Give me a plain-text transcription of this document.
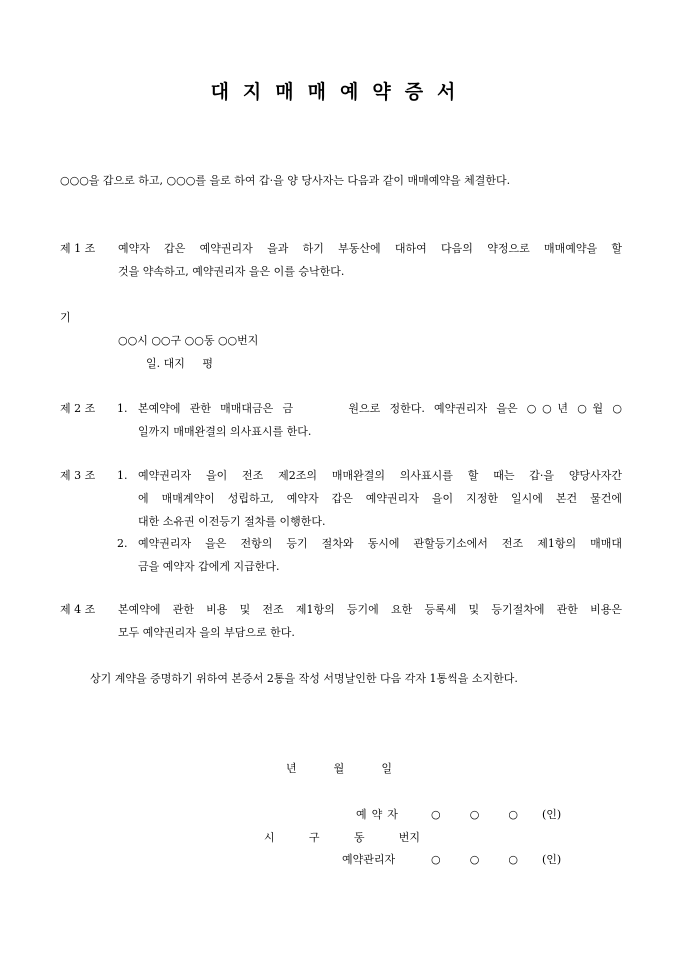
대지매매예약증서
○○○을 갑으로 하고, ○○○를 을로 하여 갑·을 양 당사자는 다음과 같이 매매예약을 체결한다.
제 1 조 예약자 갑은 예약권리자 을과 하기 부동산에 대하여 다음의 약정으로 매매예약을 할
것을 약속하고, 예약권리자 을은 이를 승낙한다.
기
○○시 ○○구 ○○동 ○○번지
일. 대지     평
제 2 조 1. 본예약에 관한 매매대금은 금      원으로 정한다. 예약권리자 을은 ○○년 ○월 ○
일까지 매매완결의 의사표시를 한다.
제 3 조 1. 예약권리자 을이 전조 제2조의 매매완결의 의사표시를 할 때는 갑·을 양당사자간
에 매매계약이 성립하고, 예약자 갑은 예약권리자 을이 지정한 일시에 본건 물건에
대한 소유권 이전등기 절차를 이행한다.
2. 예약권리자 을은 전항의 등기 절차와 동시에 관할등기소에서 전조 제1항의 매매대
금을 예약자 갑에게 지급한다.
제 4 조 본예약에 관한 비용 및 전조 제1항의 등기에 요한 등록세 및 등기절차에 관한 비용은
모두 예약권리자 을의 부담으로 한다.
상기 계약을 증명하기 위하여 본증서 2통을 작성 서명날인한 다음 각자 1통씩을 소지한다.
년	월	일
예약자	○	○	○ (인)
시	구	동	번지
예약관리자	○	○	○ (인)
